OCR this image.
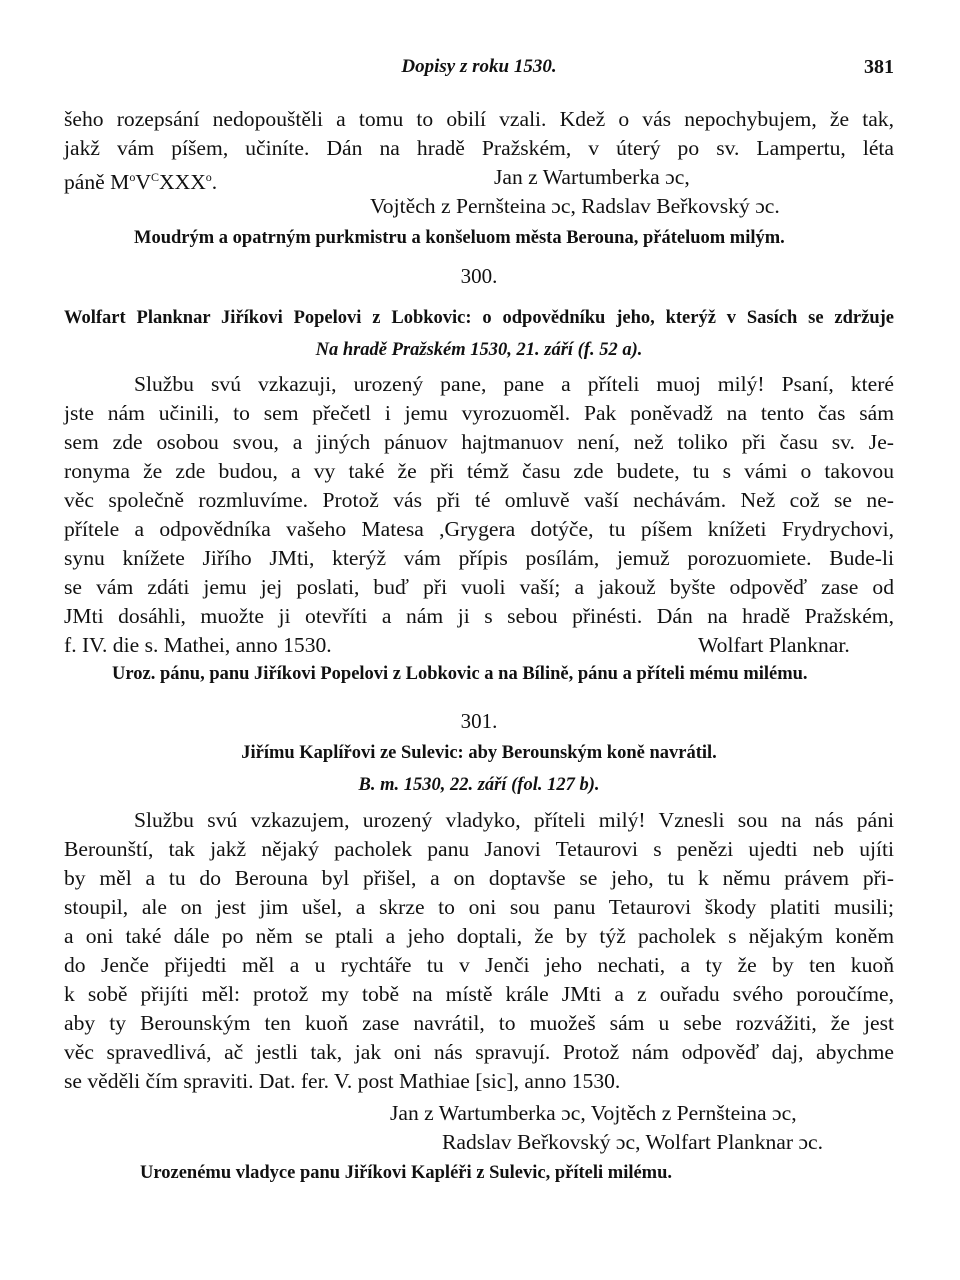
Dopisy z roku 1530.	381
šeho rozepsání nedopouštěli a tomu to obilí vzali. Kdež o vás nepochybujem, že tak,
jakž vám píšem, učiníte. Dán na hradě Pražském, v úterý po sv. Lampertu, léta
páně $M^oV^CXXX^o$.	Jan z Wartumberka ɔc,
Vojtěch z Pernšteina ɔc, Radslav Beřkovský ɔc.
Moudrým a opatrným purkmistru a konšeluom města Berouna, přáteluom milým.
300.
Wolfart Planknar Jiříkovi Popelovi z Lobkovic: o odpovědníku jeho, kterýž v Sasích se zdržuje
Na hradě Pražském 1530, 21. září (f. 52 a).
Službu svú vzkazuji, urozený pane, pane a příteli muoj milý! Psaní, které
jste nám učinili, to sem přečetl i jemu vyrozuoměl. Pak poněvadž na tento čas sám
sem zde osobou svou, a jiných pánuov hajtmanuov není, než toliko při času sv. Je-
ronyma že zde budou, a vy také že při témž času zde budete, tu s vámi o takovou
věc společně rozmluvíme. Protož vás při té omluvě vaší nechávám. Než což se ne-
přítele a odpovědníka vašeho Matesa ,Grygera dotýče, tu píšem knížeti Frydrychovi,
synu knížete Jiřího JMti, kterýž vám přípis posílám, jemuž porozuomiete. Bude-li
se vám zdáti jemu jej poslati, buď při vuoli vaší; a jakouž byšte odpověď zase od
JMti dosáhli, muožte ji otevříti a nám ji s sebou přinésti. Dán na hradě Pražském,
f. IV. die s. Mathei, anno 1530.	Wolfart Planknar.
Uroz. pánu, panu Jiříkovi Popelovi z Lobkovic a na Bílině, pánu a příteli mému milému.
301.
Jiřímu Kaplířovi ze Sulevic: aby Berounským koně navrátil.
B. m. 1530, 22. září (fol. 127 b).
Službu svú vzkazujem, urozený vladyko, příteli milý! Vznesli sou na nás páni
Berounští, tak jakž nějaký pacholek panu Janovi Tetaurovi s penězi ujedti neb ujíti
by měl a tu do Berouna byl přišel, a on doptavše se jeho, tu k němu právem při-
stoupil, ale on jest jim ušel, a skrze to oni sou panu Tetaurovi škody platiti musili;
a oni také dále po něm se ptali a jeho doptali, že by týž pacholek s nějakým koněm
do Jenče přijedti měl a u rychtáře tu v Jenči jeho nechati, a ty že by ten kuoň
k sobě přijíti měl: protož my tobě na místě krále JMti a z ouřadu svého poroučíme,
aby ty Berounským ten kuoň zase navrátil, to muožeš sám u sebe rozvážiti, že jest
věc spravedlivá, ač jestli tak, jak oni nás spravují. Protož nám odpověď daj, abychme
se věděli čím spraviti. Dat. fer. V. post Mathiae [sic], anno 1530.
Jan z Wartumberka ɔc, Vojtěch z Pernšteina ɔc,
Radslav Beřkovský ɔc, Wolfart Planknar ɔc.
Urozenému vladyce panu Jiříkovi Kapléři z Sulevic, příteli milému.
